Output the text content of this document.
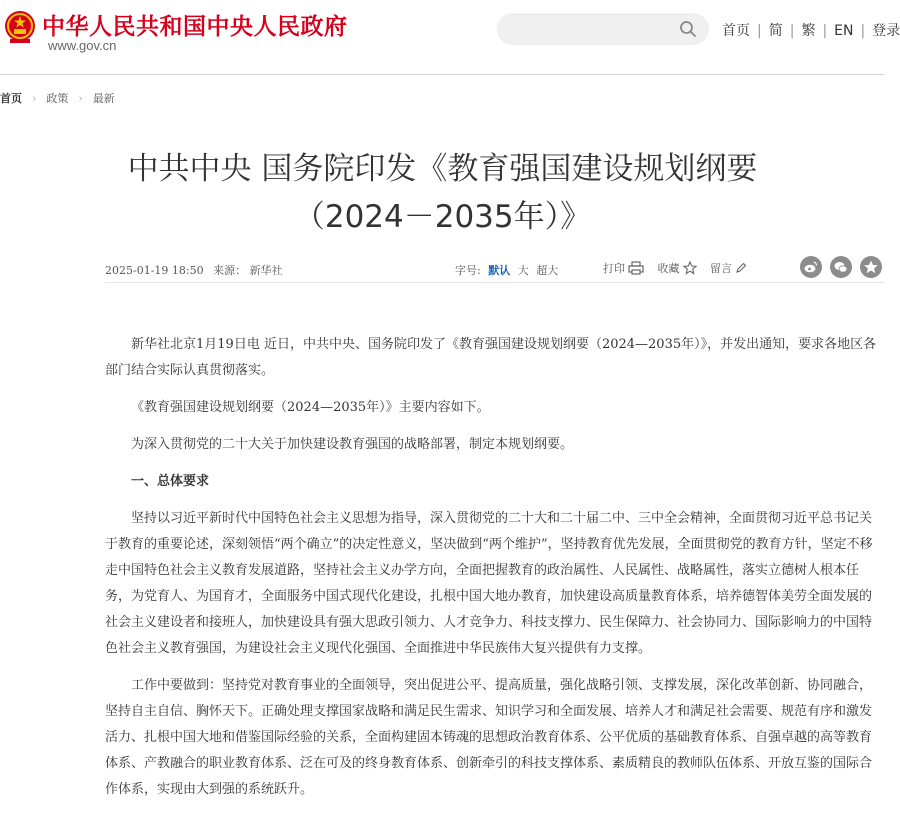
中华人民共和国中央人民政府
www.gov.cn
首页 | 简 | 繁 | EN | 登录
首页 › 政策 › 最新
中共中央 国务院印发《教育强国建设规划纲要（2024－2035年）》
2025-01-19 18:50 来源： 新华社	字号: 默认 大 超大	打印
	收藏
	留言

新华社北京1月19日电 近日，中共中央、国务院印发了《教育强国建设规划纲要（2024—2035年）》，并发出通知，要求各地区各部门结合实际认真贯彻落实。

《教育强国建设规划纲要（2024—2035年）》主要内容如下。

为深入贯彻党的二十大关于加快建设教育强国的战略部署，制定本规划纲要。

一、总体要求

坚持以习近平新时代中国特色社会主义思想为指导，深入贯彻党的二十大和二十届二中、三中全会精神，全面贯彻习近平总书记关于教育的重要论述，深刻领悟“两个确立”的决定性意义，坚决做到“两个维护”，坚持教育优先发展，全面贯彻党的教育方针，坚定不移走中国特色社会主义教育发展道路，坚持社会主义办学方向，全面把握教育的政治属性、人民属性、战略属性，落实立德树人根本任务，为党育人、为国育才，全面服务中国式现代化建设，扎根中国大地办教育，加快建设高质量教育体系，培养德智体美劳全面发展的社会主义建设者和接班人，加快建设具有强大思政引领力、人才竞争力、科技支撑力、民生保障力、社会协同力、国际影响力的中国特色社会主义教育强国，为建设社会主义现代化强国、全面推进中华民族伟大复兴提供有力支撑。

工作中要做到：坚持党对教育事业的全面领导，突出促进公平、提高质量，强化战略引领、支撑发展，深化改革创新、协同融合，坚持自主自信、胸怀天下。正确处理支撑国家战略和满足民生需求、知识学习和全面发展、培养人才和满足社会需要、规范有序和激发活力、扎根中国大地和借鉴国际经验的关系，全面构建固本铸魂的思想政治教育体系、公平优质的基础教育体系、自强卓越的高等教育体系、产教融合的职业教育体系、泛在可及的终身教育体系、创新牵引的科技支撑体系、素质精良的教师队伍体系、开放互鉴的国际合作体系，实现由大到强的系统跃升。
